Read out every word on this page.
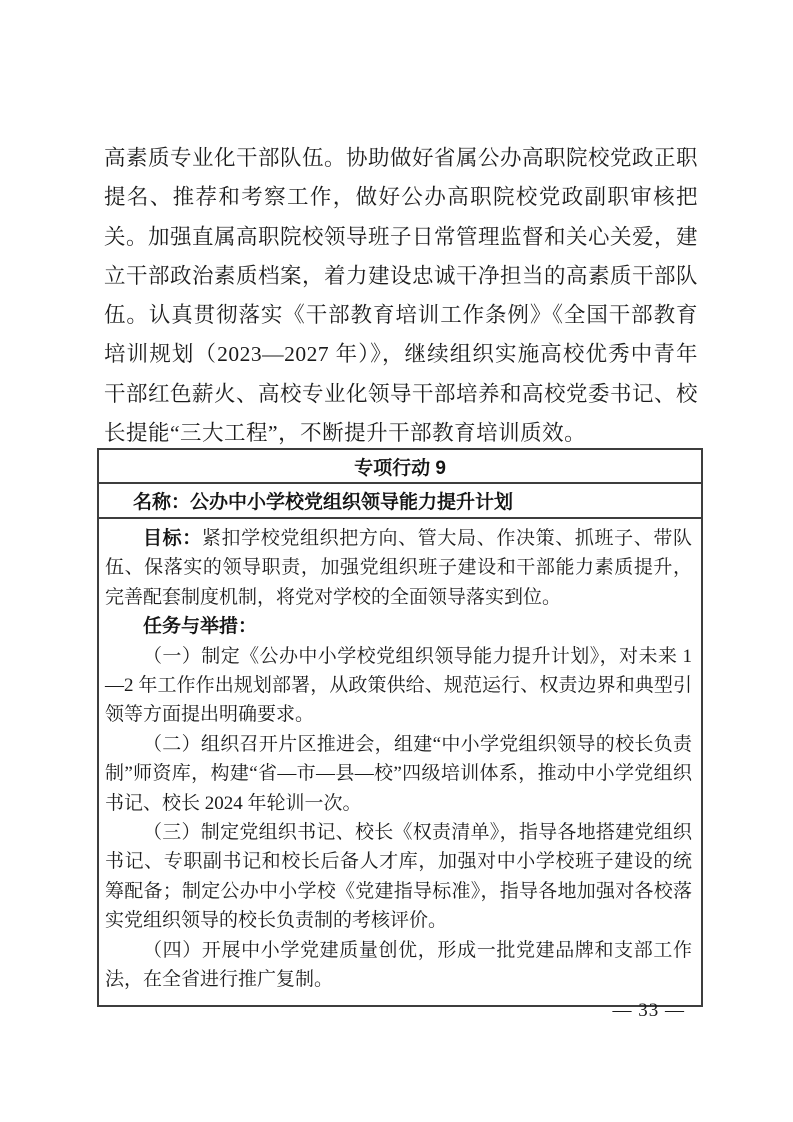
高素质专业化干部队伍。协助做好省属公办高职院校党政正职提名、推荐和考察工作，做好公办高职院校党政副职审核把关。加强直属高职院校领导班子日常管理监督和关心关爱，建立干部政治素质档案，着力建设忠诚干净担当的高素质干部队伍。认真贯彻落实《干部教育培训工作条例》《全国干部教育培训规划（2023—2027 年）》，继续组织实施高校优秀中青年干部红色薪火、高校专业化领导干部培养和高校党委书记、校长提能“三大工程”，不断提升干部教育培训质效。

专项行动 9
名称： 公办中小学校党组织领导能力提升计划

目标：紧扣学校党组织把方向、管大局、作决策、抓班子、带队伍、保落实的领导职责，加强党组织班子建设和干部能力素质提升，完善配套制度机制，将党对学校的全面领导落实到位。

任务与举措：

（一）制定《公办中小学校党组织领导能力提升计划》，对未来 1—2 年工作作出规划部署，从政策供给、规范运行、权责边界和典型引领等方面提出明确要求。

（二）组织召开片区推进会，组建“中小学党组织领导的校长负责制”师资库，构建“省—市—县—校”四级培训体系，推动中小学党组织书记、校长 2024 年轮训一次。

（三）制定党组织书记、校长《权责清单》，指导各地搭建党组织书记、专职副书记和校长后备人才库，加强对中小学校班子建设的统筹配备；制定公办中小学校《党建指导标准》，指导各地加强对各校落实党组织领导的校长负责制的考核评价。

（四）开展中小学党建质量创优，形成一批党建品牌和支部工作法，在全省进行推广复制。

— 33 —
